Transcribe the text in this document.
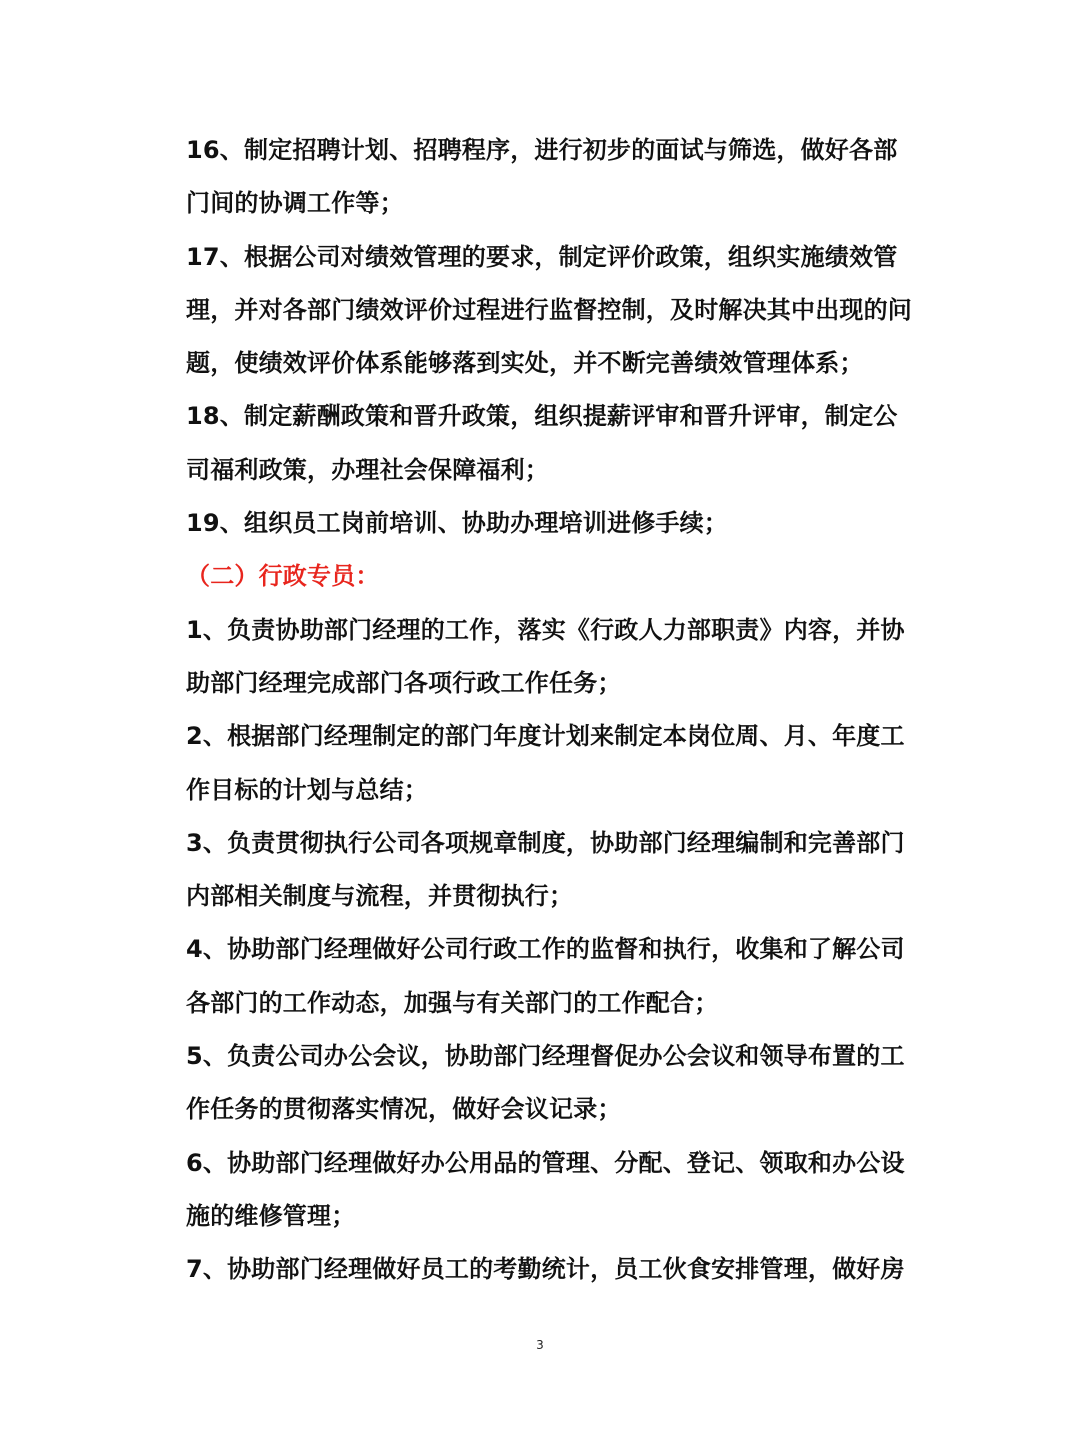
16、制定招聘计划、招聘程序，进行初步的面试与筛选，做好各部
门间的协调工作等；
17、根据公司对绩效管理的要求，制定评价政策，组织实施绩效管
理，并对各部门绩效评价过程进行监督控制，及时解决其中出现的问
题，使绩效评价体系能够落到实处，并不断完善绩效管理体系；
18、制定薪酬政策和晋升政策，组织提薪评审和晋升评审，制定公
司福利政策，办理社会保障福利；
19、组织员工岗前培训、协助办理培训进修手续；
（二）行政专员：
1、负责协助部门经理的工作，落实《行政人力部职责》内容，并协
助部门经理完成部门各项行政工作任务；
2、根据部门经理制定的部门年度计划来制定本岗位周、月、年度工
作目标的计划与总结；
3、负责贯彻执行公司各项规章制度，协助部门经理编制和完善部门
内部相关制度与流程，并贯彻执行；
4、协助部门经理做好公司行政工作的监督和执行，收集和了解公司
各部门的工作动态，加强与有关部门的工作配合；
5、负责公司办公会议，协助部门经理督促办公会议和领导布置的工
作任务的贯彻落实情况，做好会议记录；
6、协助部门经理做好办公用品的管理、分配、登记、领取和办公设
施的维修管理；
7、协助部门经理做好员工的考勤统计，员工伙食安排管理，做好房
3
